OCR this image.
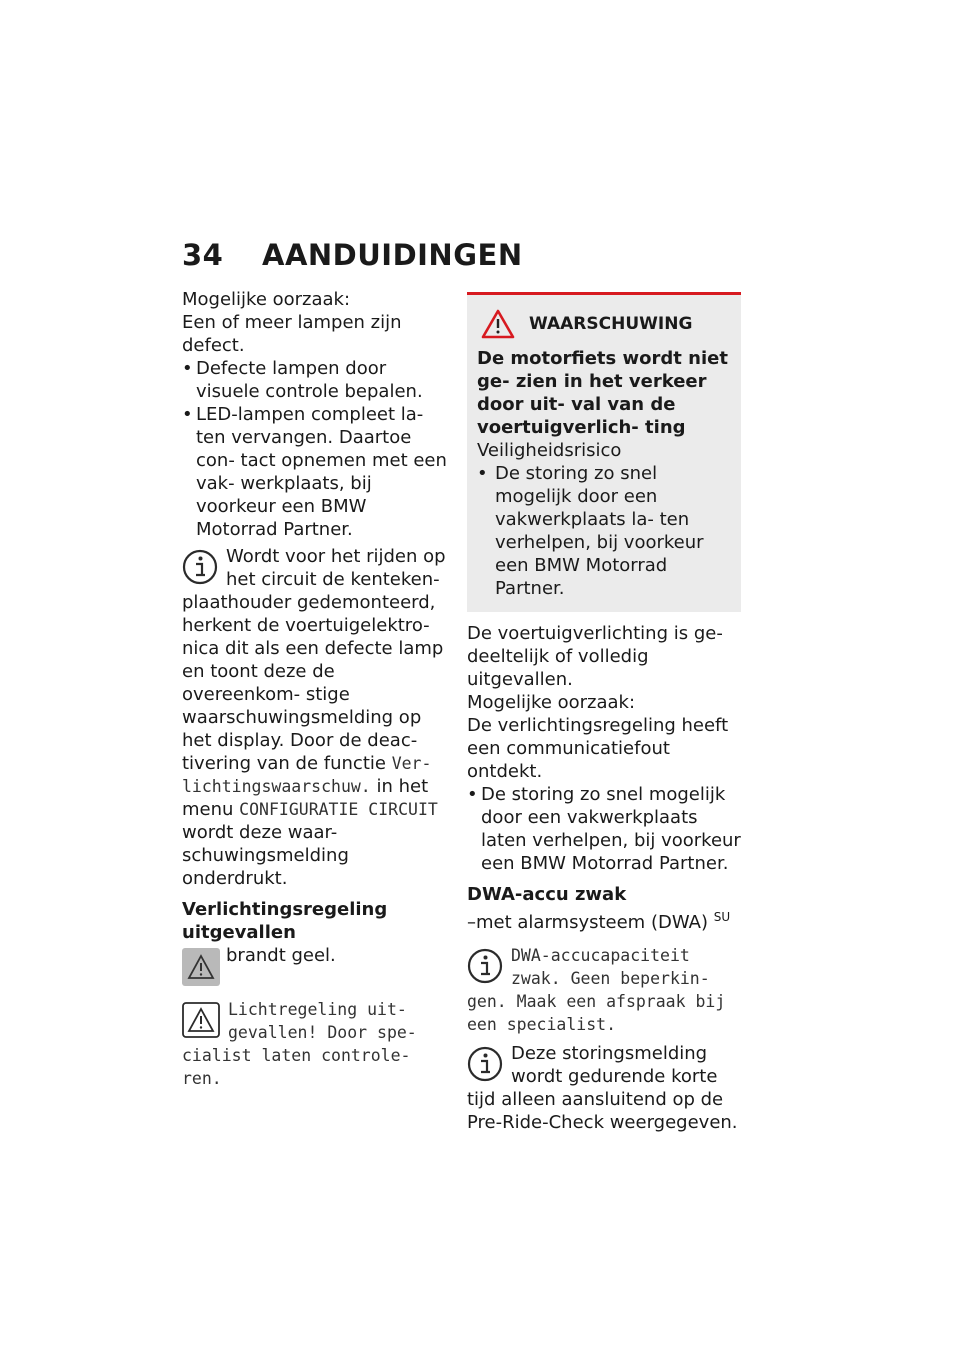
34 AANDUIDINGEN

Mogelijke oorzaak:

Een of meer lampen zijn defect.

• Defecte lampen door visuele controle bepalen.
• LED-lampen compleet la- ten vervangen. Daartoe con- tact opnemen met een vak- werkplaats, bij voorkeur een BMW Motorrad Partner.
Wordt voor het rijden op het circuit de kenteken- plaathouder gedemonteerd, herkent de voertuigelektro- nica dit als een defecte lamp en toont deze de overeenkom- stige waarschuwingsmelding op het display. Door de deac- tivering van de functie Ver- lichtingswaarschuw. in het menu CONFIGURATIE CIRCUIT wordt deze waar- schuwingsmelding onderdrukt.

Verlichtingsregeling uitgevallen

brandt geel.
Lichtregeling uit- gevallen! Door spe- cialist laten controle- ren.
WAARSCHUWING

De motorfiets wordt niet ge- zien in het verkeer door uit- val van de voertuigverlich- ting

Veiligheidsrisico

• De storing zo snel mogelijk door een vakwerkplaats la- ten verhelpen, bij voorkeur een BMW Motorrad Partner.

De voertuigverlichting is ge- deeltelijk of volledig uitgevallen.

Mogelijke oorzaak:

De verlichtingsregeling heeft een communicatiefout ontdekt.

• De storing zo snel mogelijk door een vakwerkplaats laten verhelpen, bij voorkeur een BMW Motorrad Partner.

DWA-accu zwak

–met alarmsysteem (DWA) $^{SU}$

DWA-accucapaciteit zwak. Geen beperkin- gen. Maak een afspraak bij een specialist.
Deze storingsmelding wordt gedurende korte tijd alleen aansluitend op de Pre-Ride-Check weergegeven.
